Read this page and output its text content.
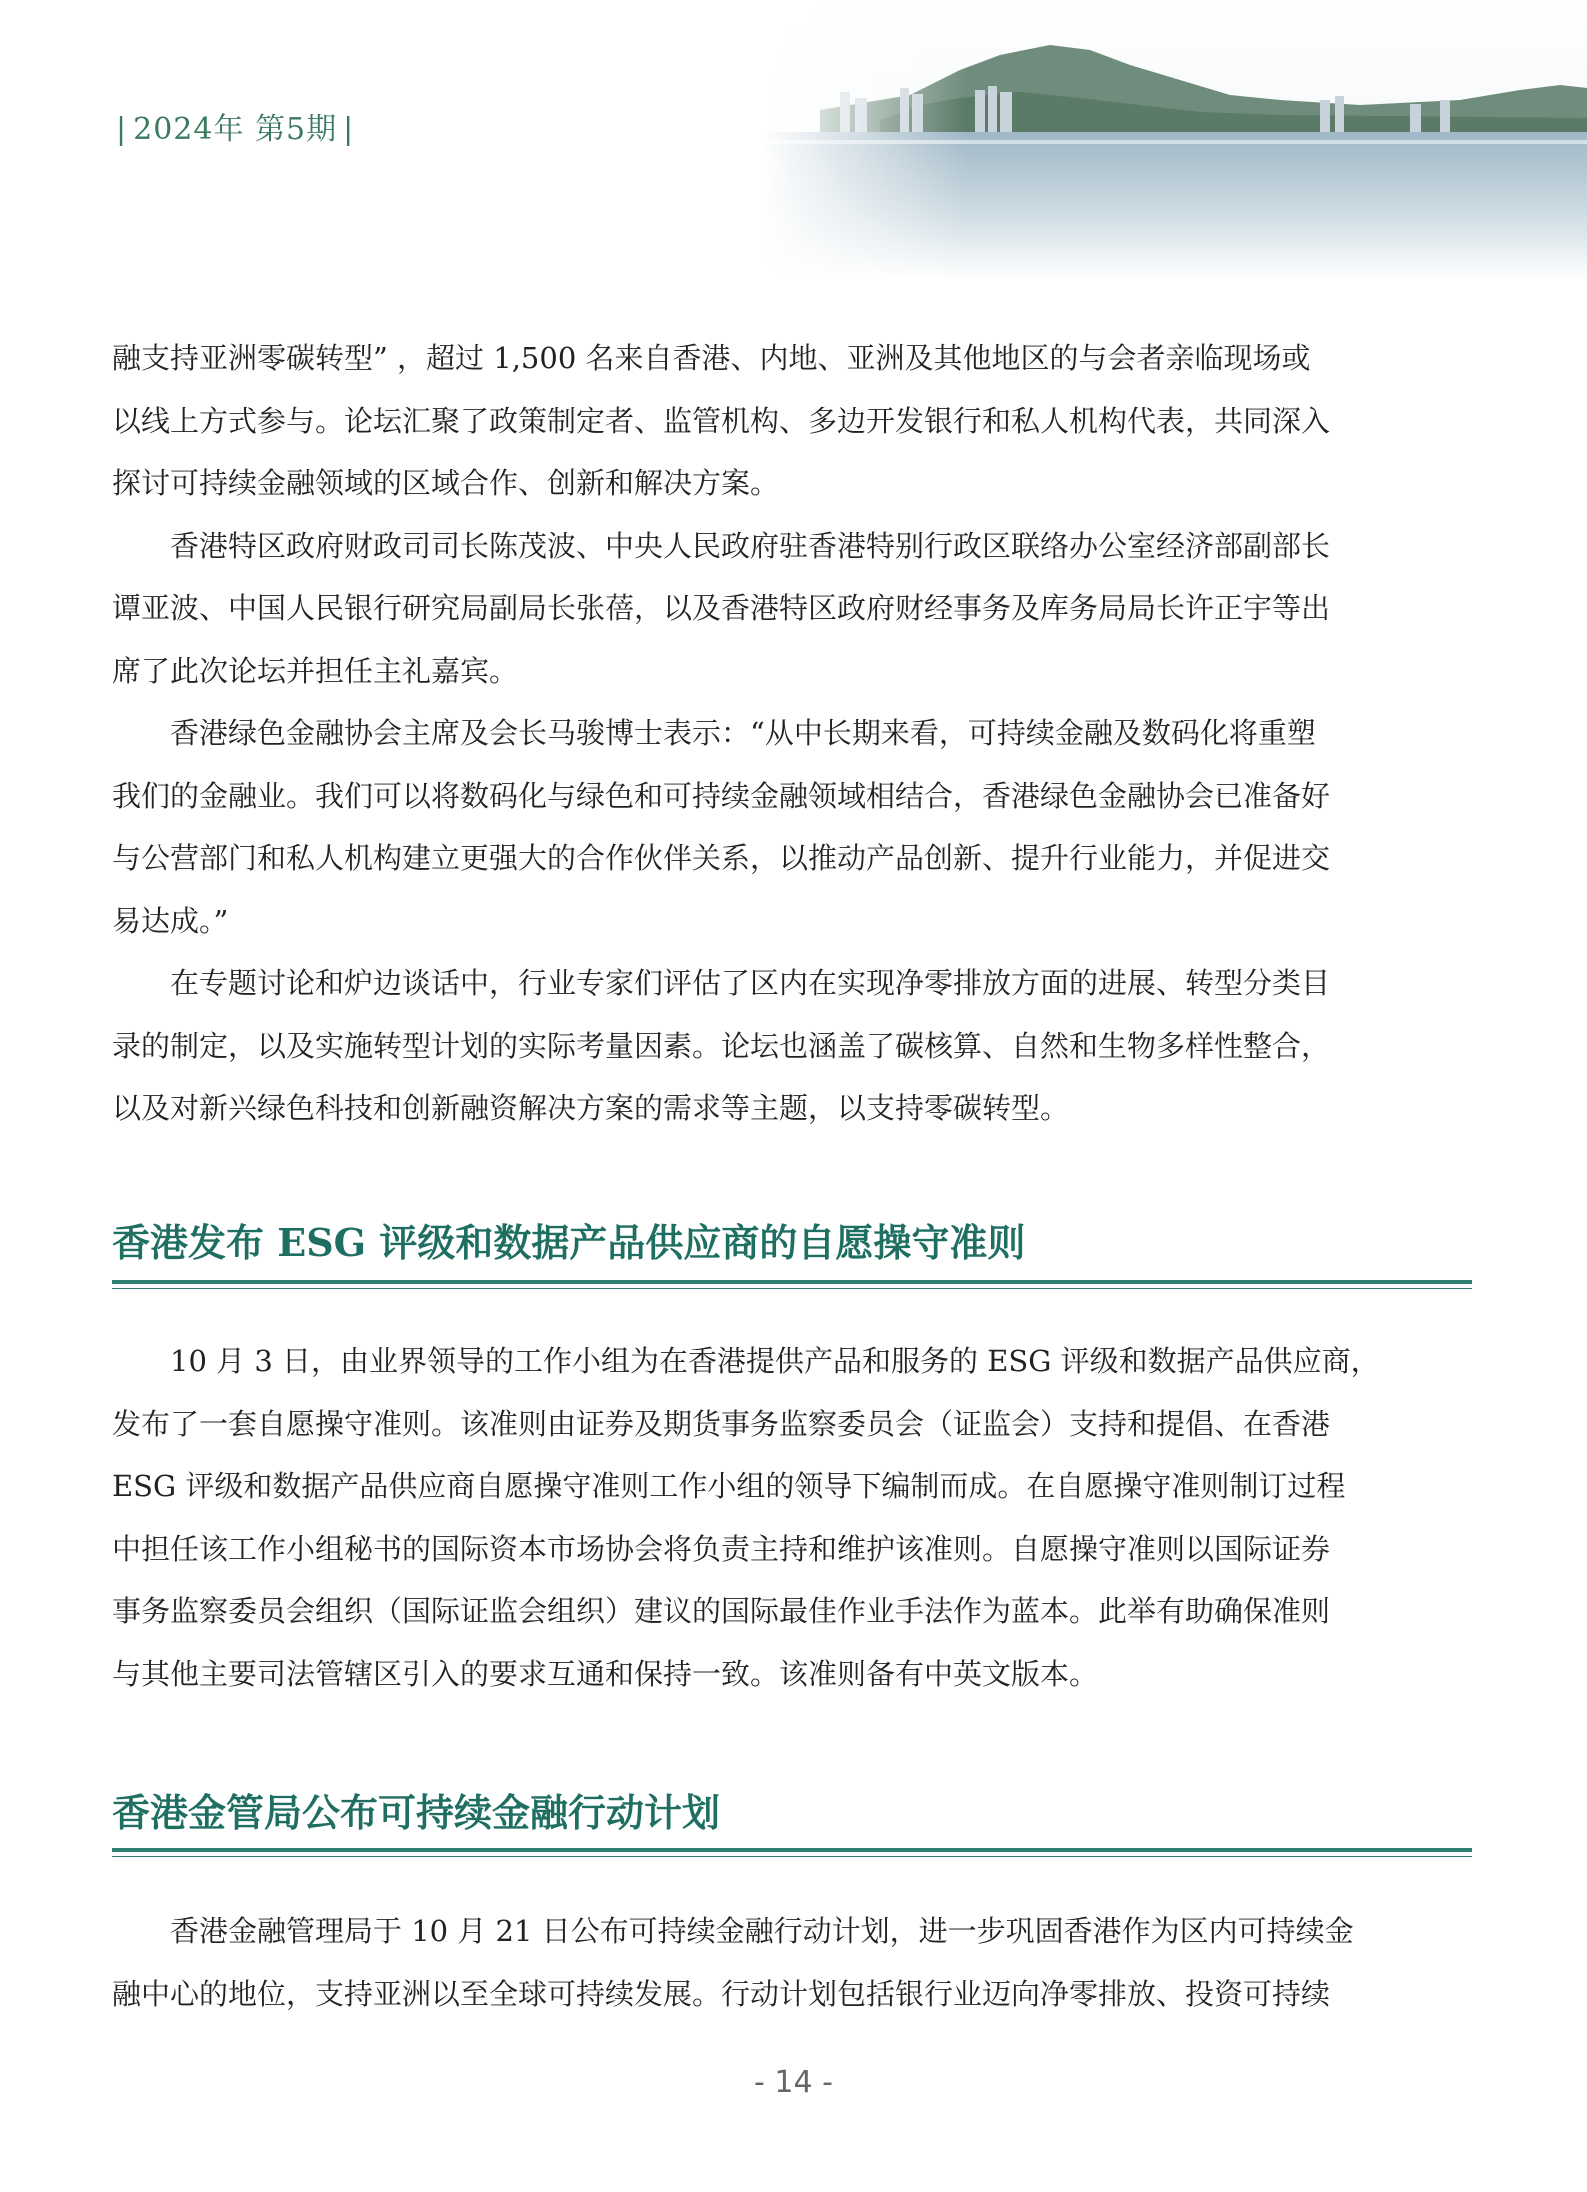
| 2024年 第5期 |

融支持亚洲零碳转型” ，超过 1,500 名来自香港、内地、亚洲及其他地区的与会者亲临现场或

以线上方式参与。论坛汇聚了政策制定者、监管机构、多边开发银行和私人机构代表，共同深入

探讨可持续金融领域的区域合作、创新和解决方案。

香港特区政府财政司司长陈茂波、中央人民政府驻香港特别行政区联络办公室经济部副部长

谭亚波、中国人民银行研究局副局长张蓓，以及香港特区政府财经事务及库务局局长许正宇等出

席了此次论坛并担任主礼嘉宾。

香港绿色金融协会主席及会长马骏博士表示：“从中长期来看，可持续金融及数码化将重塑

我们的金融业。我们可以将数码化与绿色和可持续金融领域相结合，香港绿色金融协会已准备好

与公营部门和私人机构建立更强大的合作伙伴关系，以推动产品创新、提升行业能力，并促进交

易达成。”

在专题讨论和炉边谈话中，行业专家们评估了区内在实现净零排放方面的进展、转型分类目

录的制定，以及实施转型计划的实际考量因素。论坛也涵盖了碳核算、自然和生物多样性整合，

以及对新兴绿色科技和创新融资解决方案的需求等主题，以支持零碳转型。

香港发布 ESG 评级和数据产品供应商的自愿操守准则

10 月 3 日，由业界领导的工作小组为在香港提供产品和服务的 ESG 评级和数据产品供应商，

发布了一套自愿操守准则。该准则由证券及期货事务监察委员会（证监会）支持和提倡、在香港

ESG 评级和数据产品供应商自愿操守准则工作小组的领导下编制而成。在自愿操守准则制订过程

中担任该工作小组秘书的国际资本市场协会将负责主持和维护该准则。自愿操守准则以国际证券

事务监察委员会组织（国际证监会组织）建议的国际最佳作业手法作为蓝本。此举有助确保准则

与其他主要司法管辖区引入的要求互通和保持一致。该准则备有中英文版本。

香港金管局公布可持续金融行动计划

香港金融管理局于 10 月 21 日公布可持续金融行动计划，进一步巩固香港作为区内可持续金

融中心的地位，支持亚洲以至全球可持续发展。行动计划包括银行业迈向净零排放、投资可持续

- 14 -
